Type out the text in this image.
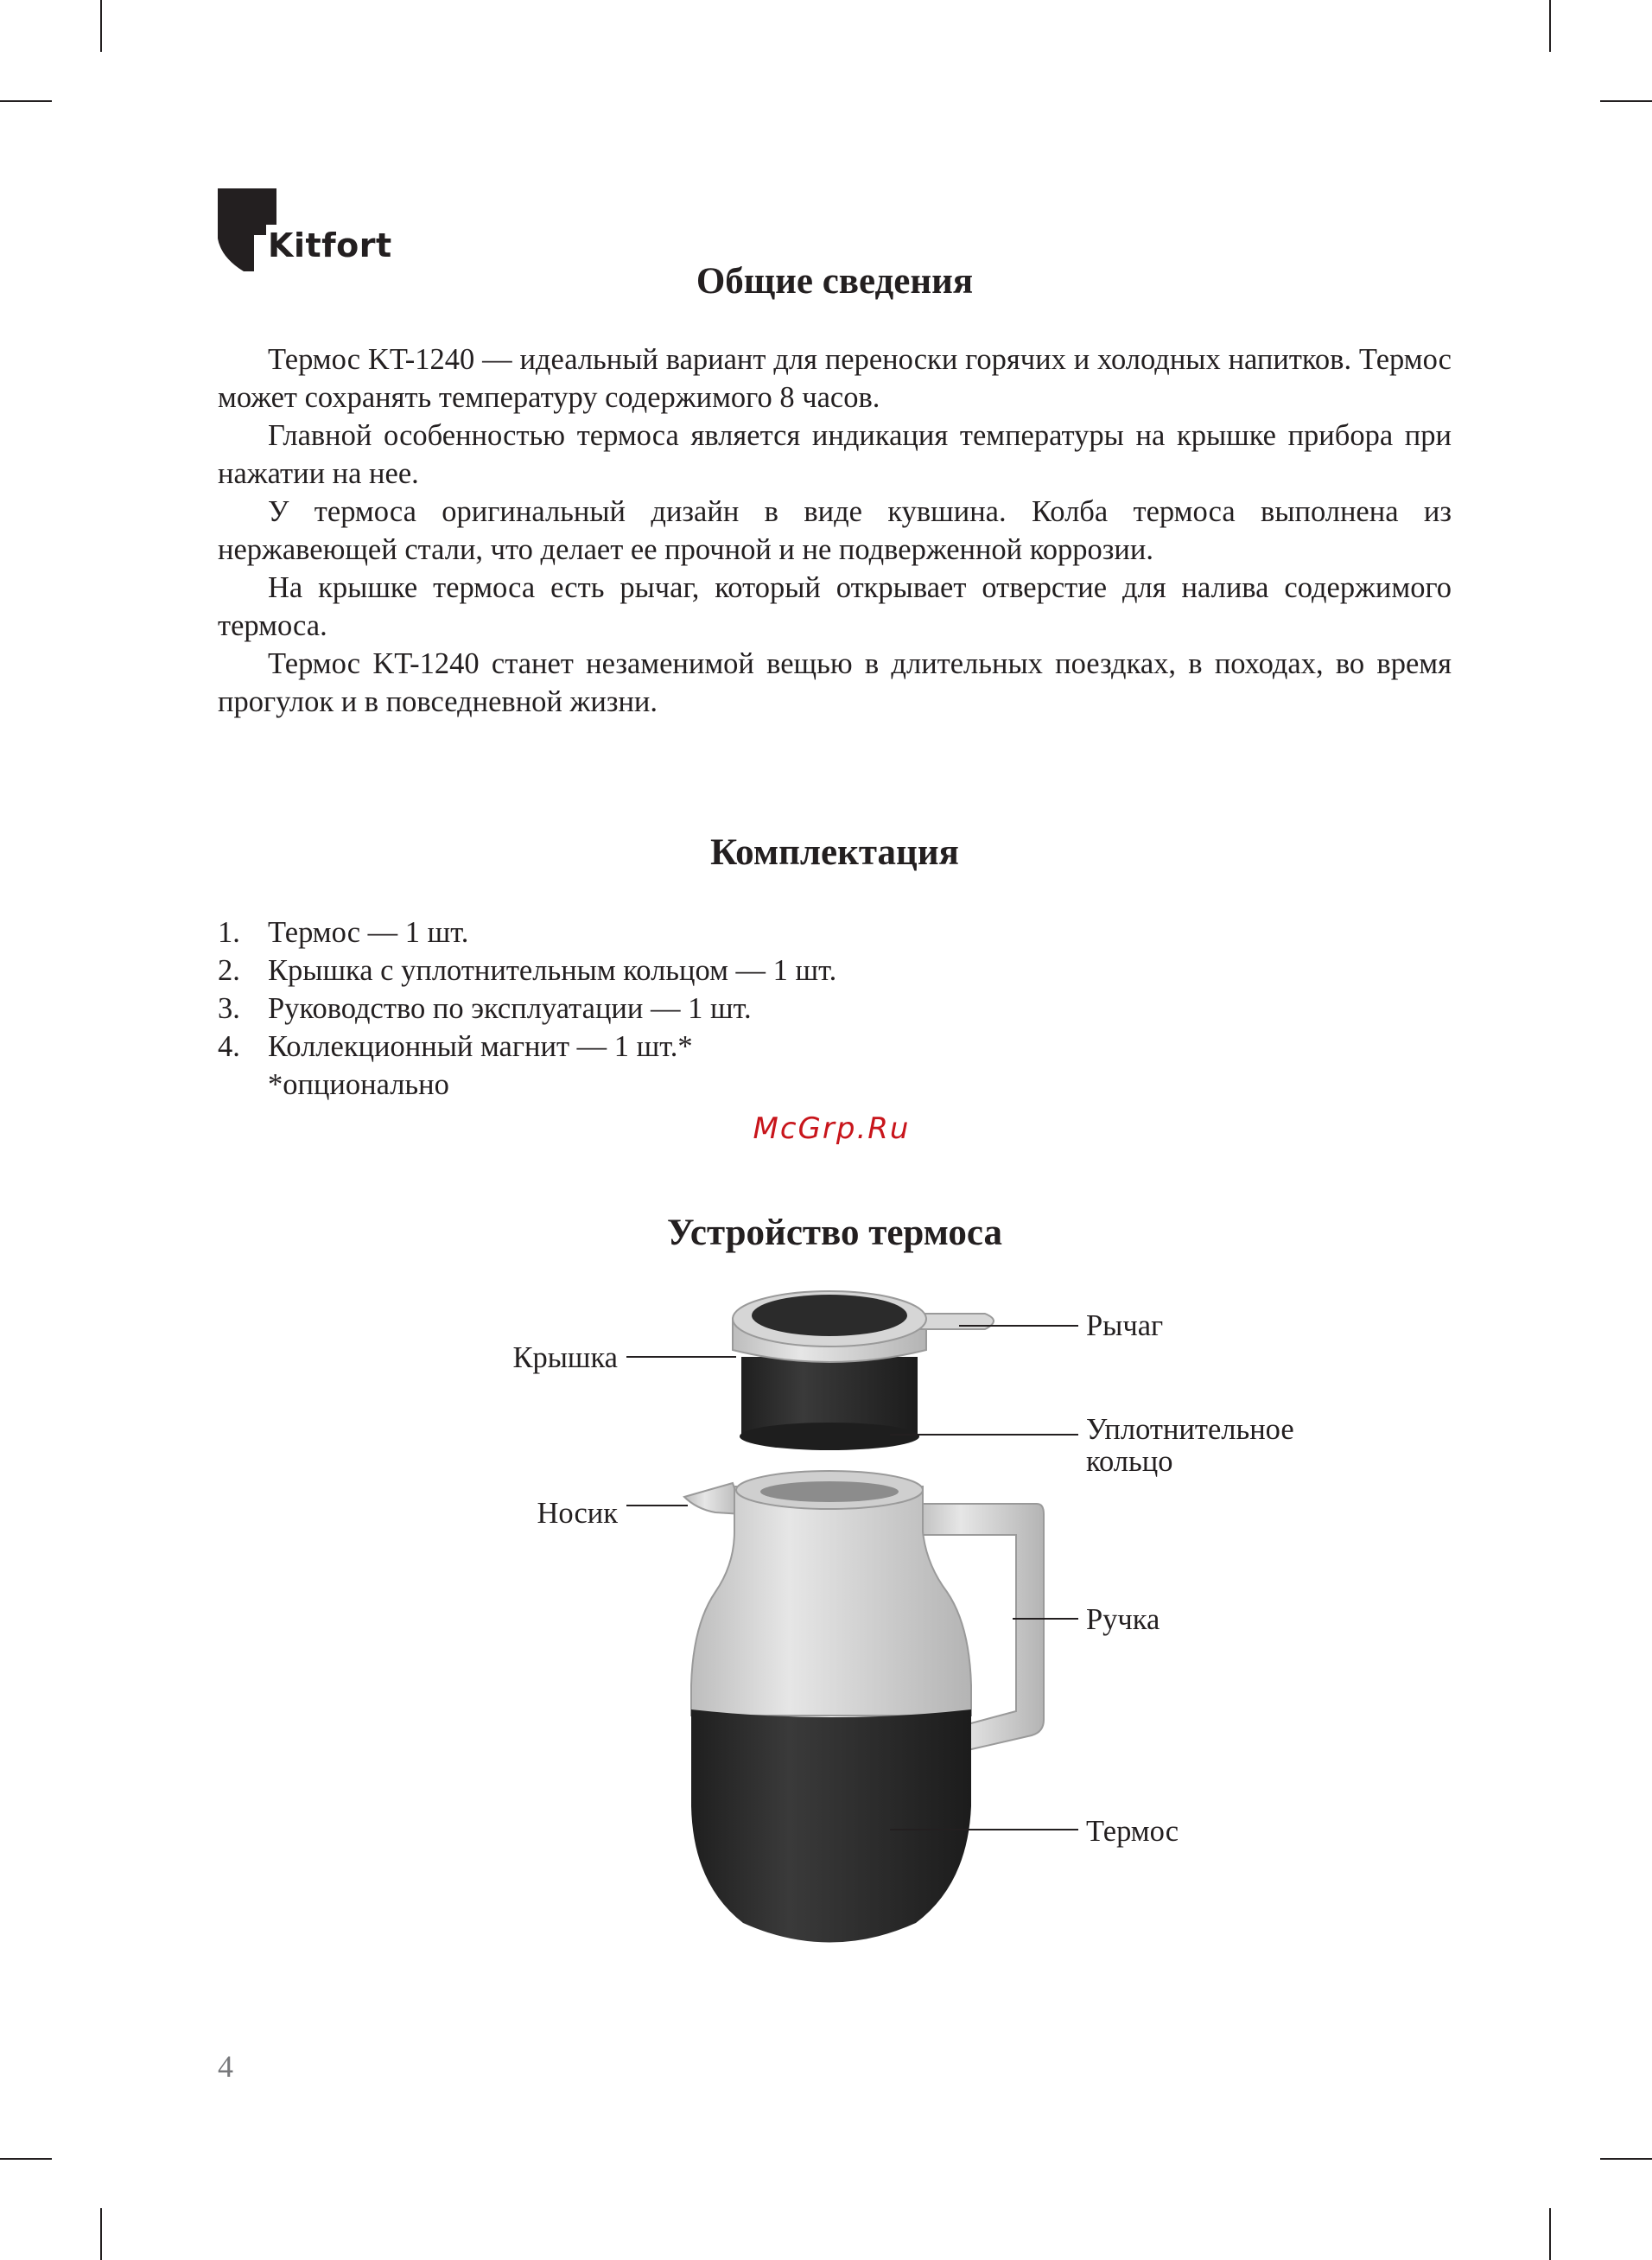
Kitfort
Общие сведения

Термос KT-1240 — идеальный вариант для переноски горячих и холодных напитков. Термос может сохранять температуру содержимого 8 часов.

Главной особенностью термоса является индикация температуры на крышке прибора при нажатии на нее.

У термоса оригинальный дизайн в виде кувшина. Колба термоса выполнена из нержавеющей стали, что делает ее прочной и не подверженной коррозии.

На крышке термоса есть рычаг, который открывает отверстие для налива содержимого термоса.

Термос KT-1240 станет незаменимой вещью в длительных поездках, в походах, во время прогулок и в повседневной жизни.

Комплектация
1. Термос — 1 шт.
2. Крышка с уплотнительным кольцом — 1 шт.
3. Руководство по эксплуатации — 1 шт.
4. Коллекционный магнит — 1 шт.*
*опционально
McGrp.Ru
Устройство термоса
Крышка
Рычаг
Уплотнительное
кольцо
Носик
Ручка
Термос
4
